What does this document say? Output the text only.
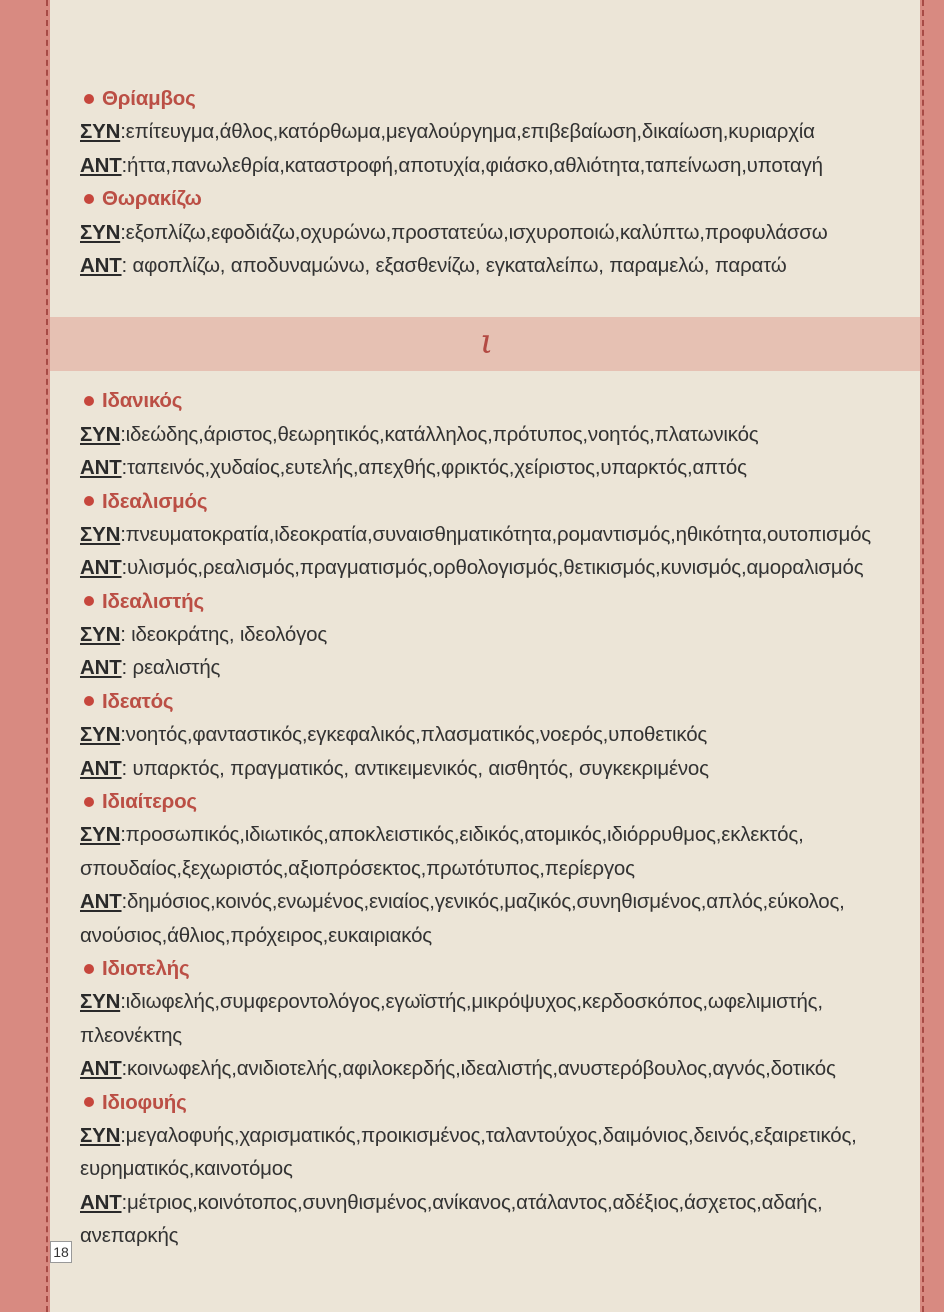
ι
Θρίαμβος
ΣΥΝ:επίτευγμα,άθλος,κατόρθωμα,μεγαλούργημα,επιβεβαίωση,δικαίωση,κυριαρχία
ΑΝΤ:ήττα,πανωλεθρία,καταστροφή,αποτυχία,φιάσκο,αθλιότητα,ταπείνωση,υποταγή
Θωρακίζω
ΣΥΝ:εξοπλίζω,εφοδιάζω,οχυρώνω,προστατεύω,ισχυροποιώ,καλύπτω,προφυλάσσω
ΑΝΤ: αφοπλίζω, αποδυναμώνω, εξασθενίζω, εγκαταλείπω, παραμελώ, παρατώ
Ιδανικός
ΣΥΝ:ιδεώδης,άριστος,θεωρητικός,κατάλληλος,πρότυπος,νοητός,πλατωνικός
ΑΝΤ:ταπεινός,χυδαίος,ευτελής,απεχθής,φρικτός,χείριστος,υπαρκτός,απτός
Ιδεαλισμός
ΣΥΝ:πνευματοκρατία,ιδεοκρατία,συναισθηματικότητα,ρομαντισμός,ηθικότητα,ουτοπισμός
ΑΝΤ:υλισμός,ρεαλισμός,πραγματισμός,ορθολογισμός,θετικισμός,κυνισμός,αμοραλισμός
Ιδεαλιστής
ΣΥΝ: ιδεοκράτης, ιδεολόγος
ΑΝΤ: ρεαλιστής
Ιδεατός
ΣΥΝ:νοητός,φανταστικός,εγκεφαλικός,πλασματικός,νοερός,υποθετικός
ΑΝΤ: υπαρκτός, πραγματικός, αντικειμενικός, αισθητός, συγκεκριμένος
Ιδιαίτερος
ΣΥΝ:προσωπικός,ιδιωτικός,αποκλειστικός,ειδικός,ατομικός,ιδιόρρυθμος,εκλεκτός,
σπουδαίος,ξεχωριστός,αξιοπρόσεκτος,πρωτότυπος,περίεργος
ΑΝΤ:δημόσιος,κοινός,ενωμένος,ενιαίος,γενικός,μαζικός,συνηθισμένος,απλός,εύκολος,
ανούσιος,άθλιος,πρόχειρος,ευκαιριακός
Ιδιοτελής
ΣΥΝ:ιδιωφελής,συμφεροντολόγος,εγωϊστής,μικρόψυχος,κερδοσκόπος,ωφελιμιστής,
πλεονέκτης
ΑΝΤ:κοινωφελής,ανιδιοτελής,αφιλοκερδής,ιδεαλιστής,ανυστερόβουλος,αγνός,δοτικός
Ιδιοφυής
ΣΥΝ:μεγαλοφυής,χαρισματικός,προικισμένος,ταλαντούχος,δαιμόνιος,δεινός,εξαιρετικός,
ευρηματικός,καινοτόμος
ΑΝΤ:μέτριος,κοινότοπος,συνηθισμένος,ανίκανος,ατάλαντος,αδέξιος,άσχετος,αδαής,
ανεπαρκής
18
